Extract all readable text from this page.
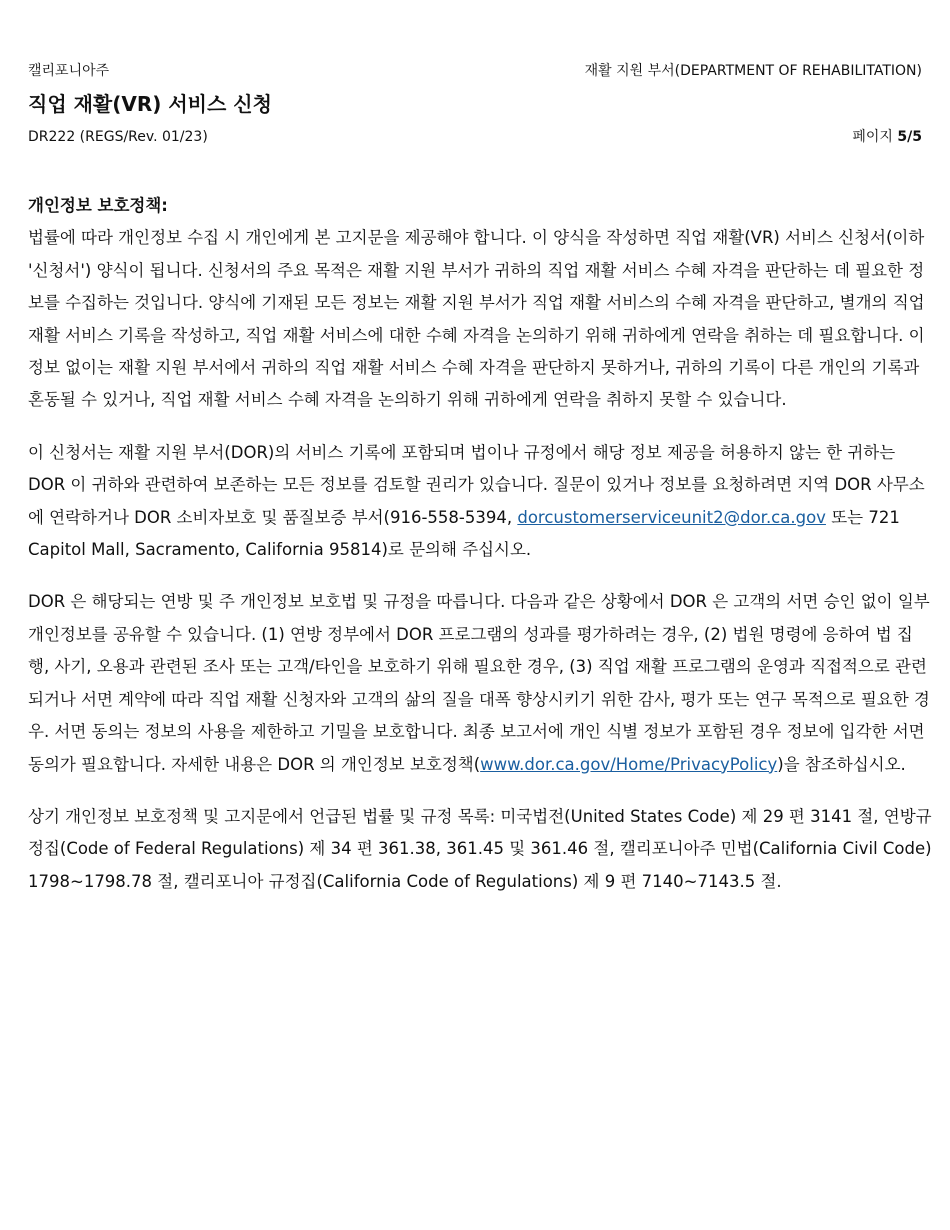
캘리포니아주	재활 지원 부서(DEPARTMENT OF REHABILITATION)
직업 재활(VR) 서비스 신청
DR222 (REGS/Rev. 01/23)	페이지 5/5

개인정보 보호정책:

법률에 따라 개인정보 수집 시 개인에게 본 고지문을 제공해야 합니다. 이 양식을 작성하면 직업 재활(VR) 서비스 신청서(이하 '신청서') 양식이 됩니다. 신청서의 주요 목적은 재활 지원 부서가 귀하의 직업 재활 서비스 수혜 자격을 판단하는 데 필요한 정보를 수집하는 것입니다. 양식에 기재된 모든 정보는 재활 지원 부서가 직업 재활 서비스의 수혜 자격을 판단하고, 별개의 직업 재활 서비스 기록을 작성하고, 직업 재활 서비스에 대한 수혜 자격을 논의하기 위해 귀하에게 연락을 취하는 데 필요합니다. 이 정보 없이는 재활 지원 부서에서 귀하의 직업 재활 서비스 수혜 자격을 판단하지 못하거나, 귀하의 기록이 다른 개인의 기록과 혼동될 수 있거나, 직업 재활 서비스 수혜 자격을 논의하기 위해 귀하에게 연락을 취하지 못할 수 있습니다.

이 신청서는 재활 지원 부서(DOR)의 서비스 기록에 포함되며 법이나 규정에서 해당 정보 제공을 허용하지 않는 한 귀하는 DOR 이 귀하와 관련하여 보존하는 모든 정보를 검토할 권리가 있습니다. 질문이 있거나 정보를 요청하려면 지역 DOR 사무소에 연락하거나 DOR 소비자보호 및 품질보증 부서(916-558-5394, dorcustomerserviceunit2@dor.ca.gov 또는 721 Capitol Mall, Sacramento, California 95814)로 문의해 주십시오.

DOR 은 해당되는 연방 및 주 개인정보 보호법 및 규정을 따릅니다. 다음과 같은 상황에서 DOR 은 고객의 서면 승인 없이 일부 개인정보를 공유할 수 있습니다. (1) 연방 정부에서 DOR 프로그램의 성과를 평가하려는 경우, (2) 법원 명령에 응하여 법 집행, 사기, 오용과 관련된 조사 또는 고객/타인을 보호하기 위해 필요한 경우, (3) 직업 재활 프로그램의 운영과 직접적으로 관련되거나 서면 계약에 따라 직업 재활 신청자와 고객의 삶의 질을 대폭 향상시키기 위한 감사, 평가 또는 연구 목적으로 필요한 경우. 서면 동의는 정보의 사용을 제한하고 기밀을 보호합니다. 최종 보고서에 개인 식별 정보가 포함된 경우 정보에 입각한 서면 동의가 필요합니다. 자세한 내용은 DOR 의 개인정보 보호정책(www.dor.ca.gov/Home/PrivacyPolicy)을 참조하십시오.

상기 개인정보 보호정책 및 고지문에서 언급된 법률 및 규정 목록: 미국법전(United States Code) 제 29 편 3141 절, 연방규정집(Code of Federal Regulations) 제 34 편 361.38, 361.45 및 361.46 절, 캘리포니아주 민법(California Civil Code) 1798~1798.78 절, 캘리포니아 규정집(California Code of Regulations) 제 9 편 7140~7143.5 절.
